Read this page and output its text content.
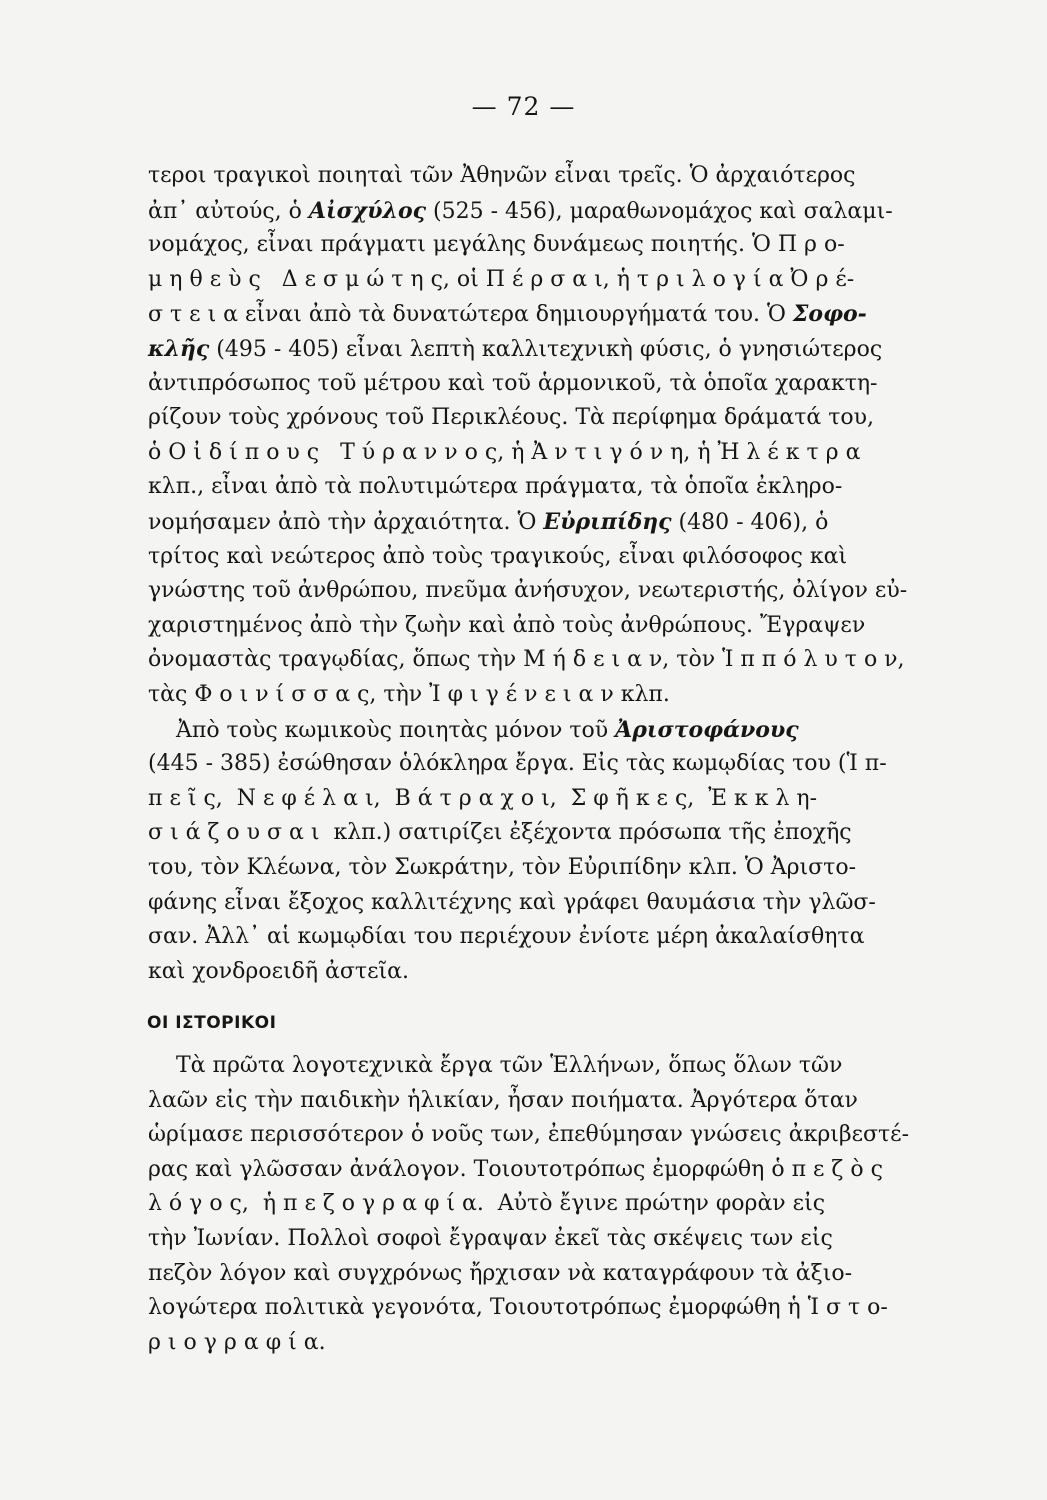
— 72 —
τεροι τραγικοὶ ποιηταὶ τῶν Ἀθηνῶν εἶναι τρεῖς. Ὁ ἀρχαιότερος
ἀπ᾽ αὐτούς, ὁ Αἰσχύλος (525 - 456), μαραθωνομάχος καὶ σαλαμι-
νομάχος, εἶναι πράγματι μεγάλης δυνάμεως ποιητής. Ὁ Π ρ ο-
μ η θ ε ὺ ς   Δ ε σ μ ώ τ η ς, οἱ Π έ ρ σ α ι, ἡ τ ρ ι λ ο γ ί α Ὀ ρ έ-
σ τ ε ι α εἶναι ἀπὸ τὰ δυνατώτερα δημιουργήματά του. Ὁ Σοφο-
κλῆς (495 - 405) εἶναι λεπτὴ καλλιτεχνικὴ φύσις, ὁ γνησιώτερος
ἀντιπρόσωπος τοῦ μέτρου καὶ τοῦ ἁρμονικοῦ, τὰ ὁποῖα χαρακτη-
ρίζουν τοὺς χρόνους τοῦ Περικλέους. Τὰ περίφημα δράματά του,
ὁ Ο ἰ δ ί π ο υ ς   Τ ύ ρ α ν ν ο ς, ἡ Ἀ ν τ ι γ ό ν η, ἡ Ἠ λ έ κ τ ρ α
κλπ., εἶναι ἀπὸ τὰ πολυτιμώτερα πράγματα, τὰ ὁποῖα ἐκληρο-
νομήσαμεν ἀπὸ τὴν ἀρχαιότητα. Ὁ Εὐριπίδης (480 - 406), ὁ
τρίτος καὶ νεώτερος ἀπὸ τοὺς τραγικούς, εἶναι φιλόσοφος καὶ
γνώστης τοῦ ἀνθρώπου, πνεῦμα ἀνήσυχον, νεωτεριστής, ὀλίγον εὐ-
χαριστημένος ἀπὸ τὴν ζωὴν καὶ ἀπὸ τοὺς ἀνθρώπους. Ἔγραψεν
ὀνομαστὰς τραγῳδίας, ὅπως τὴν Μ ή δ ε ι α ν, τὸν Ἱ π π ό λ υ τ ο ν,
τὰς Φ ο ι ν ί σ σ α ς, τὴν Ἰ φ ι γ έ ν ε ι α ν κλπ.
Ἀπὸ τοὺς κωμικοὺς ποιητὰς μόνον τοῦ Ἀριστοφάνους
(445 - 385) ἐσώθησαν ὁλόκληρα ἔργα. Εἰς τὰς κωμῳδίας του (Ἱ π-
π ε ῖ ς,  Ν ε φ έ λ α ι,  Β ά τ ρ α χ ο ι,  Σ φ ῆ κ ε ς,  Ἐ κ κ λ η-
σ ι ά ζ ο υ σ α ι  κλπ.) σατιρίζει ἐξέχοντα πρόσωπα τῆς ἐποχῆς
του, τὸν Κλέωνα, τὸν Σωκράτην, τὸν Εὐριπίδην κλπ. Ὁ Ἀριστο-
φάνης εἶναι ἔξοχος καλλιτέχνης καὶ γράφει θαυμάσια τὴν γλῶσ-
σαν. Ἀλλ᾽ αἱ κωμῳδίαι του περιέχουν ἐνίοτε μέρη ἀκαλαίσθητα
καὶ χονδροειδῆ ἀστεῖα.
ΟΙ ΙΣΤΟΡΙΚΟΙ
Τὰ πρῶτα λογοτεχνικὰ ἔργα τῶν Ἑλλήνων, ὅπως ὅλων τῶν
λαῶν εἰς τὴν παιδικὴν ἡλικίαν, ἦσαν ποιήματα. Ἀργότερα ὅταν
ὡρίμασε περισσότερον ὁ νοῦς των, ἐπεθύμησαν γνώσεις ἀκριβεστέ-
ρας καὶ γλῶσσαν ἀνάλογον. Τοιουτοτρόπως ἐμορφώθη ὁ π ε ζ ὸ ς
λ ό γ ο ς,  ἡ π ε ζ ο γ ρ α φ ί α.  Αὐτὸ ἔγινε πρώτην φορὰν εἰς
τὴν Ἰωνίαν. Πολλοὶ σοφοὶ ἔγραψαν ἐκεῖ τὰς σκέψεις των εἰς
πεζὸν λόγον καὶ συγχρόνως ἤρχισαν νὰ καταγράφουν τὰ ἀξιο-
λογώτερα πολιτικὰ γεγονότα, Τοιουτοτρόπως ἐμορφώθη ἡ Ἱ σ τ ο-
ρ ι ο γ ρ α φ ί α.
